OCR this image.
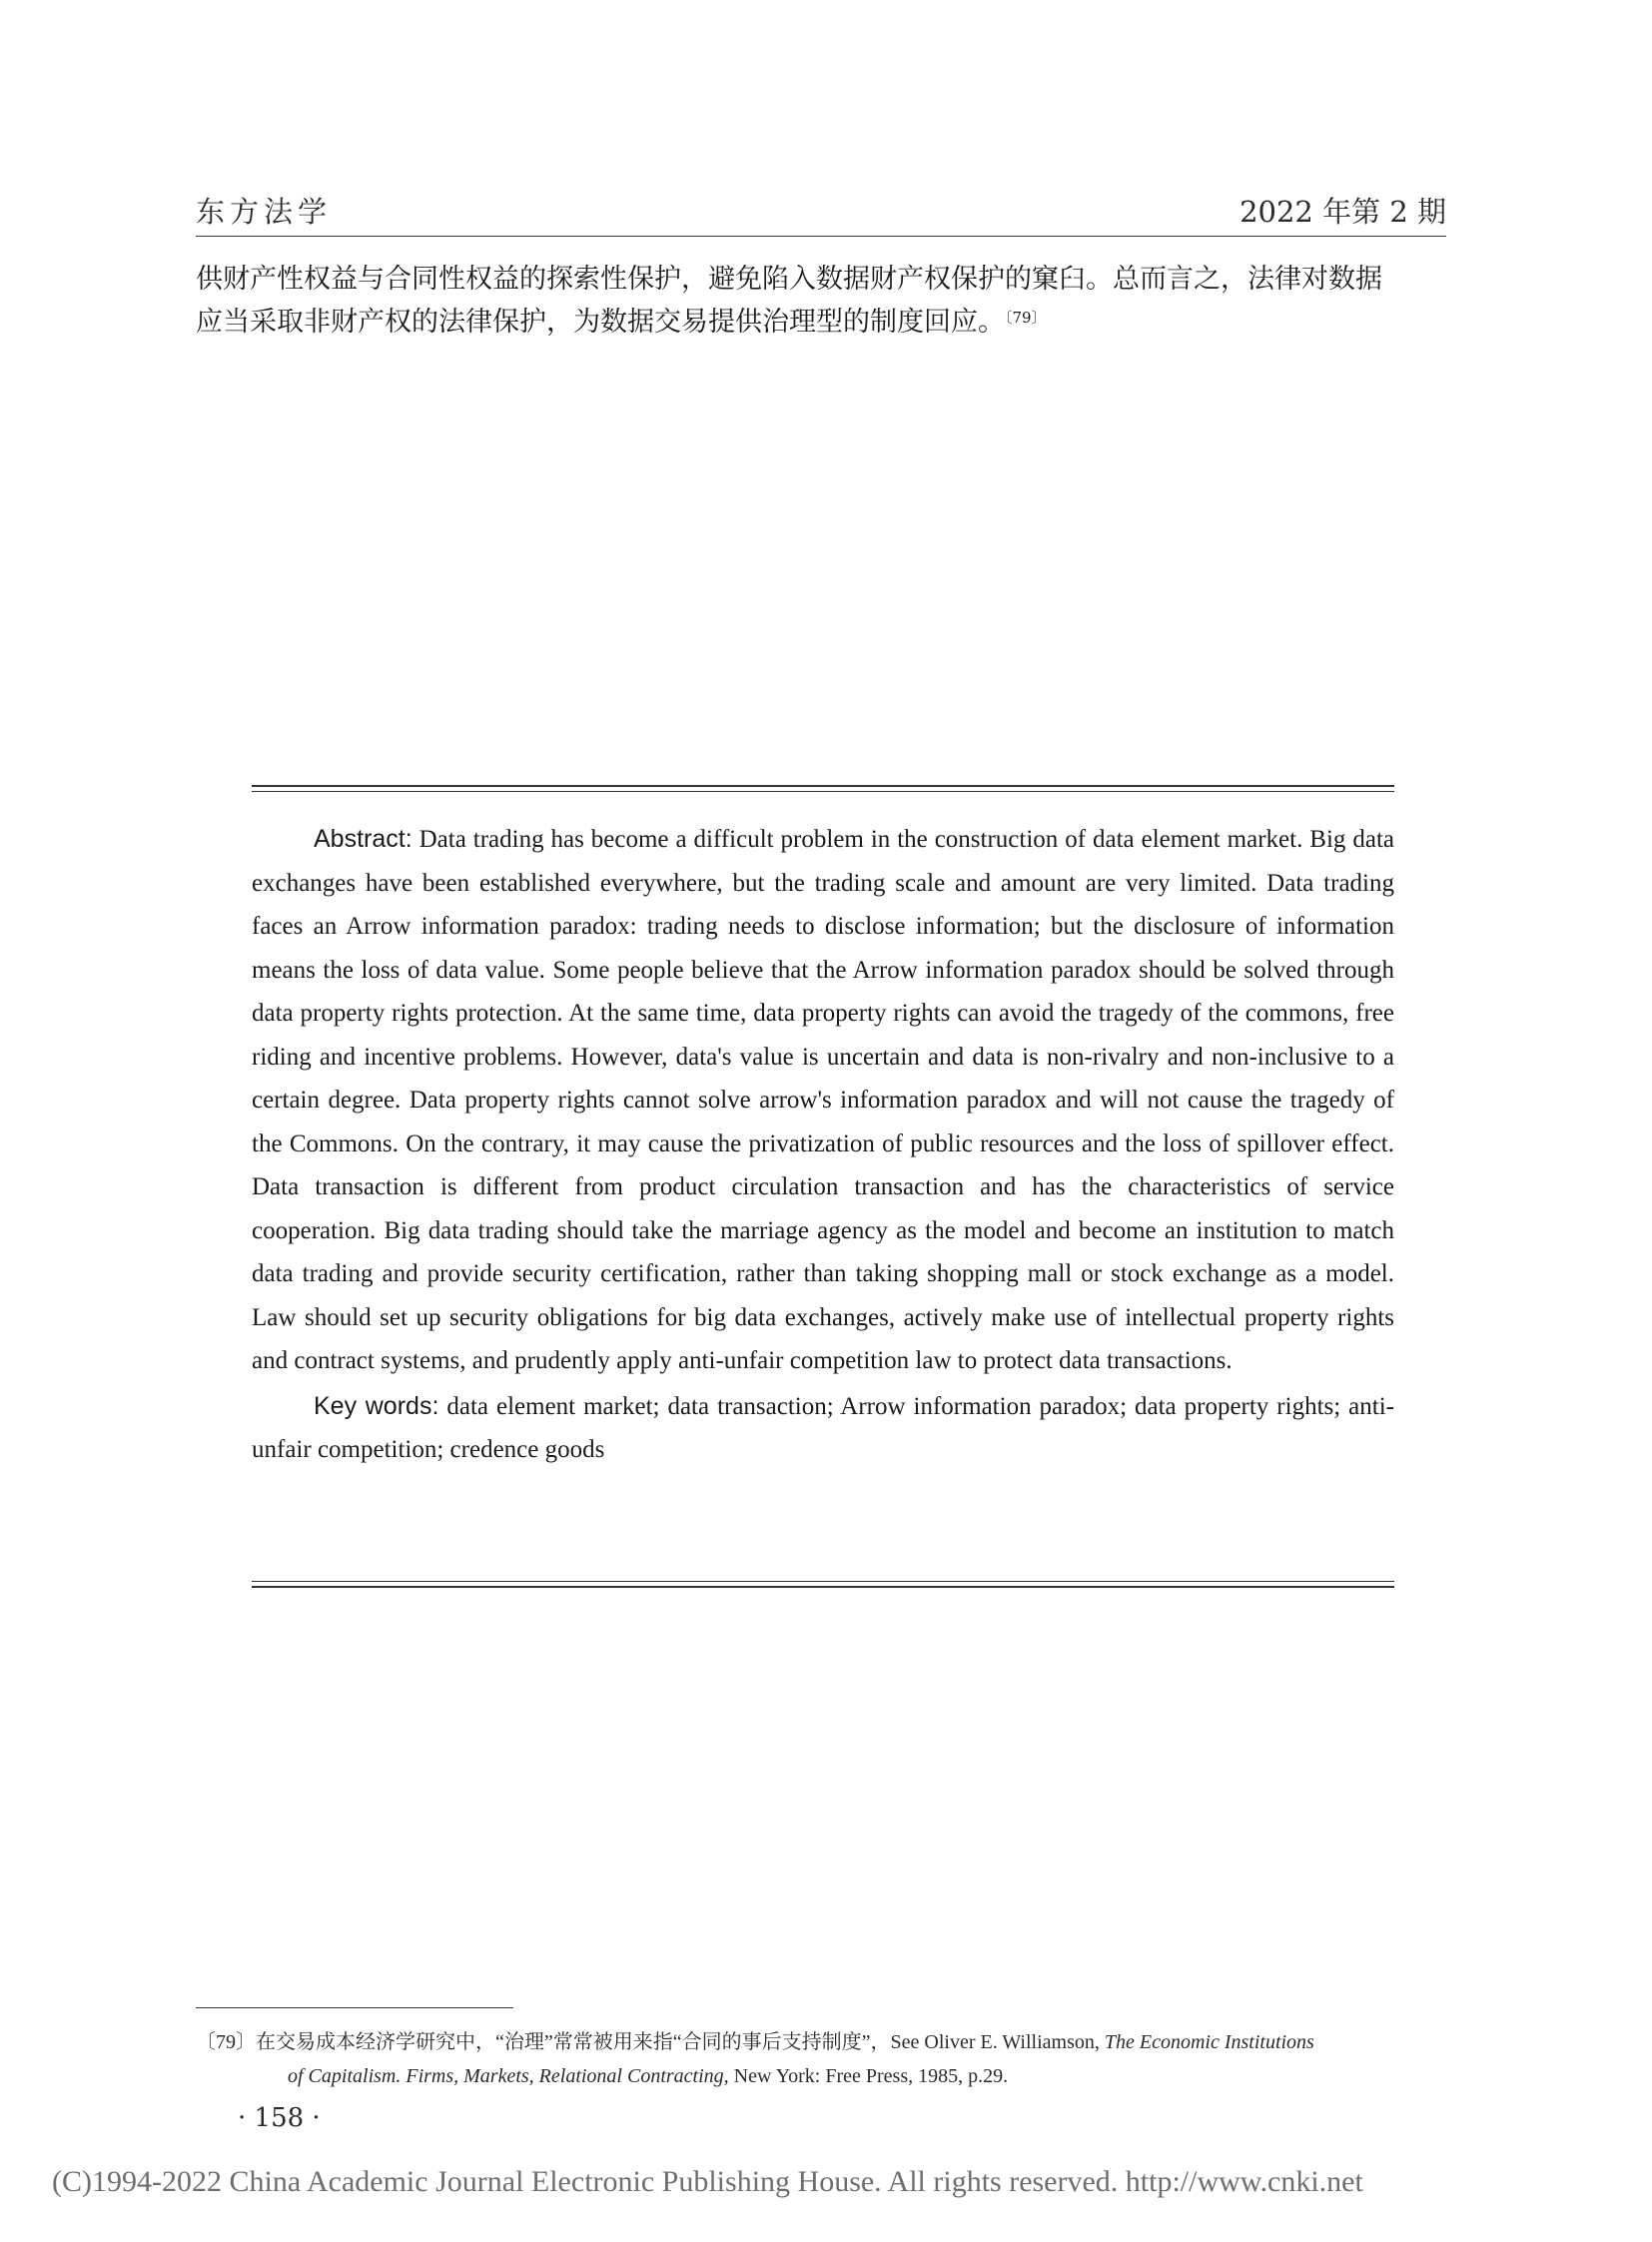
东方法学	2022 年第 2 期

供财产性权益与合同性权益的探索性保护，避免陷入数据财产权保护的窠臼。总而言之，法律对数据

应当采取非财产权的法律保护，为数据交易提供治理型的制度回应。$^{〔79〕}$

Abstract: Data trading has become a difficult problem in the construction of data element market. Big data exchanges have been established everywhere, but the trading scale and amount are very limited. Data trading faces an Arrow information paradox: trading needs to disclose information; but the disclosure of information means the loss of data value. Some people believe that the Arrow information paradox should be solved through data property rights protection. At the same time, data property rights can avoid the tragedy of the commons, free riding and incentive problems. However, data's value is uncertain and data is non-rivalry and non-inclusive to a certain degree. Data property rights cannot solve arrow's information paradox and will not cause the tragedy of the Commons. On the contrary, it may cause the privatization of public resources and the loss of spillover effect. Data transaction is different from product circulation transaction and has the characteristics of service cooperation. Big data trading should take the marriage agency as the model and become an institution to match data trading and provide security certification, rather than taking shopping mall or stock exchange as a model. Law should set up security obligations for big data exchanges, actively make use of intellectual property rights and contract systems, and prudently apply anti-unfair competition law to protect data transactions.

Key words: data element market; data transaction; Arrow information paradox; data property rights; anti-unfair competition; credence goods

〔79〕在交易成本经济学研究中，“治理”常常被用来指“合同的事后支持制度”，See Oliver E. Williamson, The Economic Institutions
of Capitalism. Firms, Markets, Relational Contracting, New York: Free Press, 1985, p.29.
· 158 ·
(C)1994-2022 China Academic Journal Electronic Publishing House. All rights reserved. http://www.cnki.net
